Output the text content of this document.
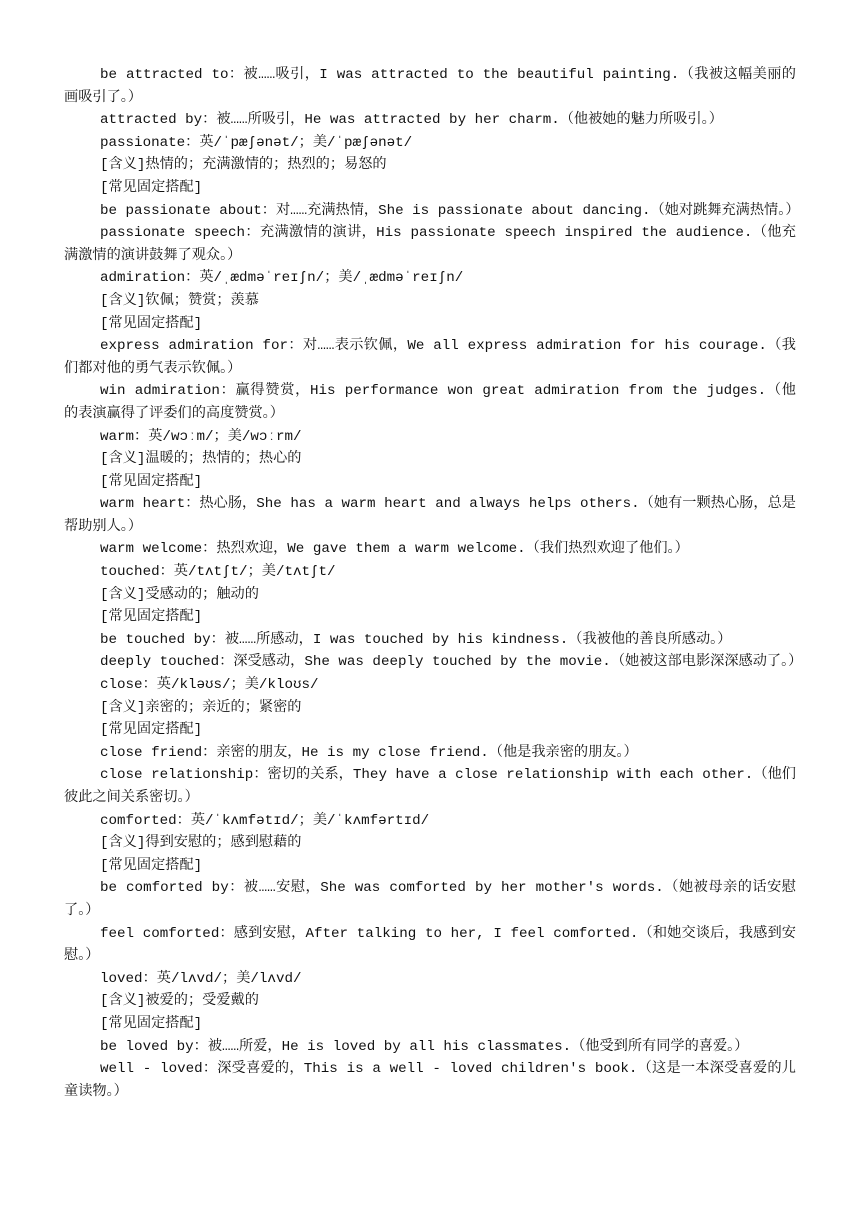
be attracted to：被……吸引，I was attracted to the beautiful painting.（我被这幅美丽的画吸引了。）
attracted by：被……所吸引，He was attracted by her charm.（他被她的魅力所吸引。）
passionate：英/ˈpæʃənət/；美/ˈpæʃənət/
[含义]热情的；充满激情的；热烈的；易怒的
[常见固定搭配]
be passionate about：对……充满热情，She is passionate about dancing.（她对跳舞充满热情。）
passionate speech：充满激情的演讲，His passionate speech inspired the audience.（他充满激情的演讲鼓舞了观众。）
admiration：英/ˌædməˈreɪʃn/；美/ˌædməˈreɪʃn/
[含义]钦佩；赞赏；羡慕
[常见固定搭配]
express admiration for：对……表示钦佩，We all express admiration for his courage.（我们都对他的勇气表示钦佩。）
win admiration：赢得赞赏，His performance won great admiration from the judges.（他的表演赢得了评委们的高度赞赏。）
warm：英/wɔːm/；美/wɔːrm/
[含义]温暖的；热情的；热心的
[常见固定搭配]
warm heart：热心肠，She has a warm heart and always helps others.（她有一颗热心肠，总是帮助别人。）
warm welcome：热烈欢迎，We gave them a warm welcome.（我们热烈欢迎了他们。）
touched：英/tʌtʃt/；美/tʌtʃt/
[含义]受感动的；触动的
[常见固定搭配]
be touched by：被……所感动，I was touched by his kindness.（我被他的善良所感动。）
deeply touched：深受感动，She was deeply touched by the movie.（她被这部电影深深感动了。）
close：英/kləʊs/；美/kloʊs/
[含义]亲密的；亲近的；紧密的
[常见固定搭配]
close friend：亲密的朋友，He is my close friend.（他是我亲密的朋友。）
close relationship：密切的关系，They have a close relationship with each other.（他们彼此之间关系密切。）
comforted：英/ˈkʌmfətɪd/；美/ˈkʌmfərtɪd/
[含义]得到安慰的；感到慰藉的
[常见固定搭配]
be comforted by：被……安慰，She was comforted by her mother's words.（她被母亲的话安慰了。）
feel comforted：感到安慰，After talking to her, I feel comforted.（和她交谈后，我感到安慰。）
loved：英/lʌvd/；美/lʌvd/
[含义]被爱的；受爱戴的
[常见固定搭配]
be loved by：被……所爱，He is loved by all his classmates.（他受到所有同学的喜爱。）
well - loved：深受喜爱的，This is a well - loved children's book.（这是一本深受喜爱的儿童读物。）
